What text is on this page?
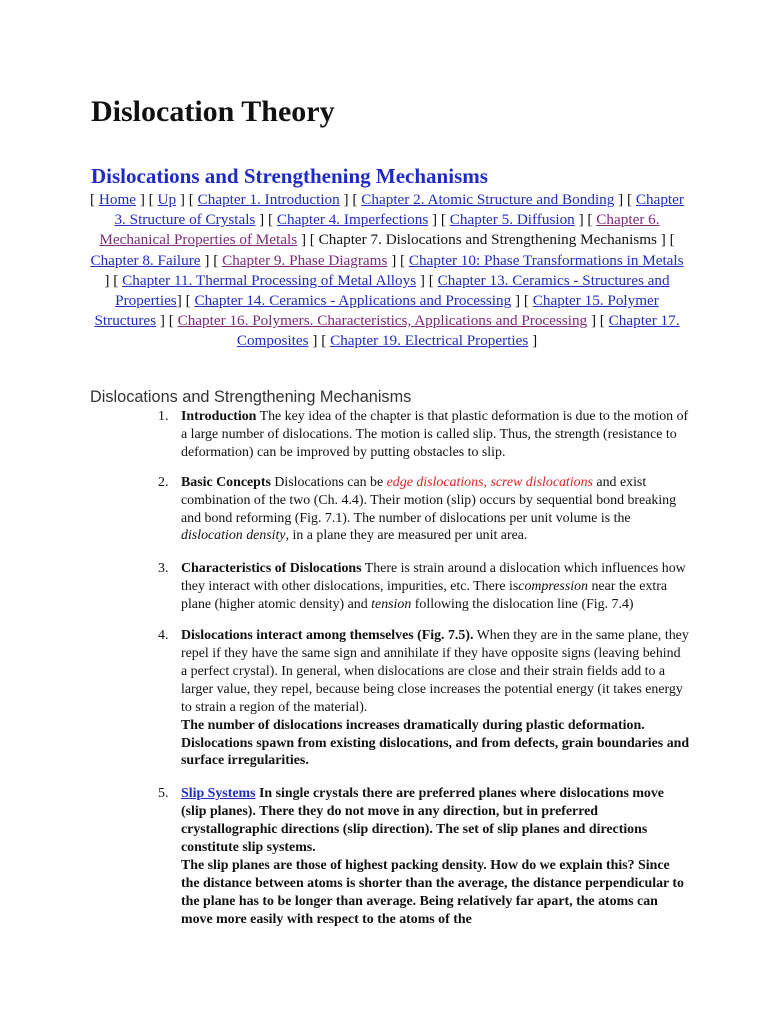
Dislocation Theory
Dislocations and Strengthening Mechanisms
[ Home ] [ Up ] [ Chapter 1. Introduction ] [ Chapter 2. Atomic Structure and Bonding ] [ Chapter 3. Structure of Crystals ] [ Chapter 4. Imperfections ] [ Chapter 5. Diffusion ] [ Chapter 6. Mechanical Properties of Metals ] [ Chapter 7. Dislocations and Strengthening Mechanisms ] [ Chapter 8. Failure ] [ Chapter 9. Phase Diagrams ] [ Chapter 10: Phase Transformations in Metals ] [ Chapter 11. Thermal Processing of Metal Alloys ] [ Chapter 13. Ceramics - Structures and Properties] [ Chapter 14. Ceramics - Applications and Processing ] [ Chapter 15. Polymer Structures ] [ Chapter 16. Polymers. Characteristics, Applications and Processing ] [ Chapter 17. Composites ] [ Chapter 19. Electrical Properties ]
Dislocations and Strengthening Mechanisms
1. Introduction The key idea of the chapter is that plastic deformation is due to the motion of a large number of dislocations. The motion is called slip. Thus, the strength (resistance to deformation) can be improved by putting obstacles to slip.
2. Basic Concepts Dislocations can be edge dislocations, screw dislocations and exist combination of the two (Ch. 4.4). Their motion (slip) occurs by sequential bond breaking and bond reforming (Fig. 7.1). The number of dislocations per unit volume is the dislocation density, in a plane they are measured per unit area.
3. Characteristics of Dislocations There is strain around a dislocation which influences how they interact with other dislocations, impurities, etc. There iscompression near the extra plane (higher atomic density) and tension following the dislocation line (Fig. 7.4)
4. Dislocations interact among themselves (Fig. 7.5). When they are in the same plane, they repel if they have the same sign and annihilate if they have opposite signs (leaving behind a perfect crystal). In general, when dislocations are close and their strain fields add to a larger value, they repel, because being close increases the potential energy (it takes energy to strain a region of the material).
The number of dislocations increases dramatically during plastic deformation. Dislocations spawn from existing dislocations, and from defects, grain boundaries and surface irregularities.
5. Slip Systems In single crystals there are preferred planes where dislocations move (slip planes). There they do not move in any direction, but in preferred crystallographic directions (slip direction). The set of slip planes and directions constitute slip systems.
The slip planes are those of highest packing density. How do we explain this? Since the distance between atoms is shorter than the average, the distance perpendicular to the plane has to be longer than average. Being relatively far apart, the atoms can move more easily with respect to the atoms of the
